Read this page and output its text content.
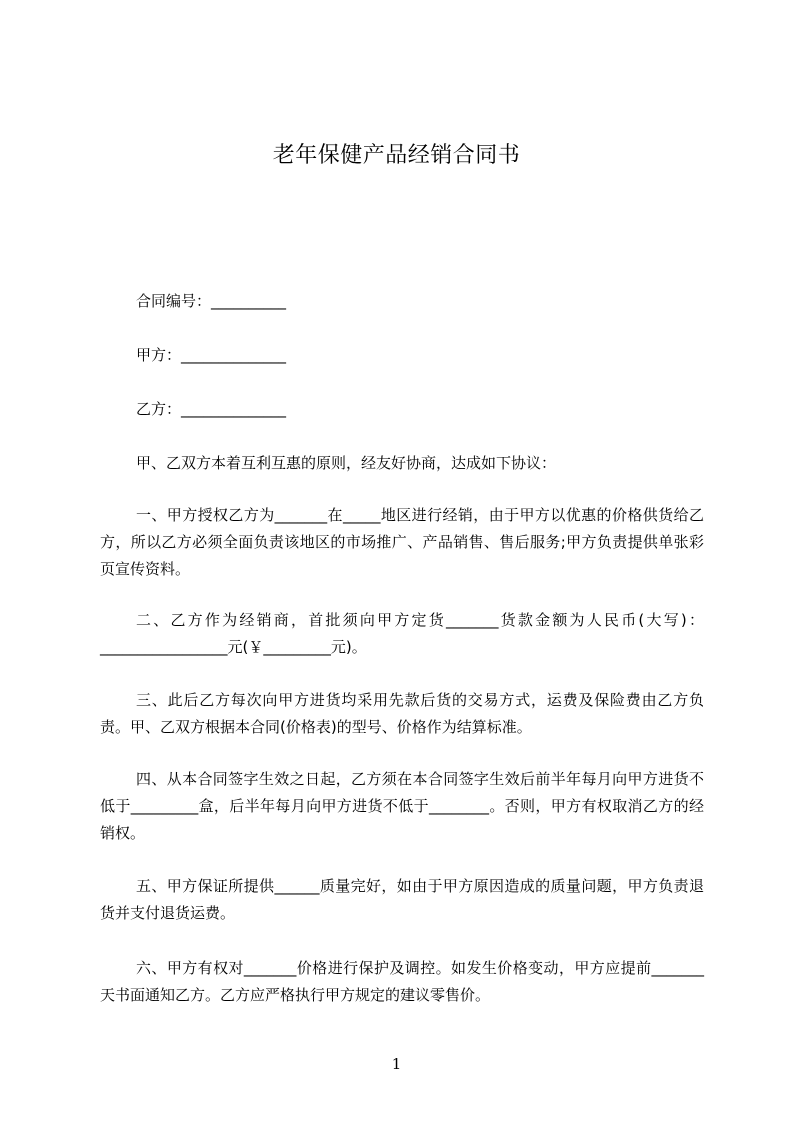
老年保健产品经销合同书
合同编号：__________
甲方：______________
乙方：______________
甲、乙双方本着互利互惠的原则，经友好协商，达成如下协议：

一、甲方授权乙方为_______在_____地区进行经销，由于甲方以优惠的价格供货给乙方，所以乙方必须全面负责该地区的市场推广、产品销售、售后服务;甲方负责提供单张彩页宣传资料。

二、乙方作为经销商，首批须向甲方定货_______货款金额为人民币(大写)：_________________元(￥_________元)。

三、此后乙方每次向甲方进货均采用先款后货的交易方式，运费及保险费由乙方负责。甲、乙双方根据本合同(价格表)的型号、价格作为结算标准。

四、从本合同签字生效之日起，乙方须在本合同签字生效后前半年每月向甲方进货不低于_________盒，后半年每月向甲方进货不低于________。否则，甲方有权取消乙方的经销权。

五、甲方保证所提供______质量完好，如由于甲方原因造成的质量问题，甲方负责退货并支付退货运费。

六、甲方有权对_______价格进行保护及调控。如发生价格变动，甲方应提前_______天书面通知乙方。乙方应严格执行甲方规定的建议零售价。

1
